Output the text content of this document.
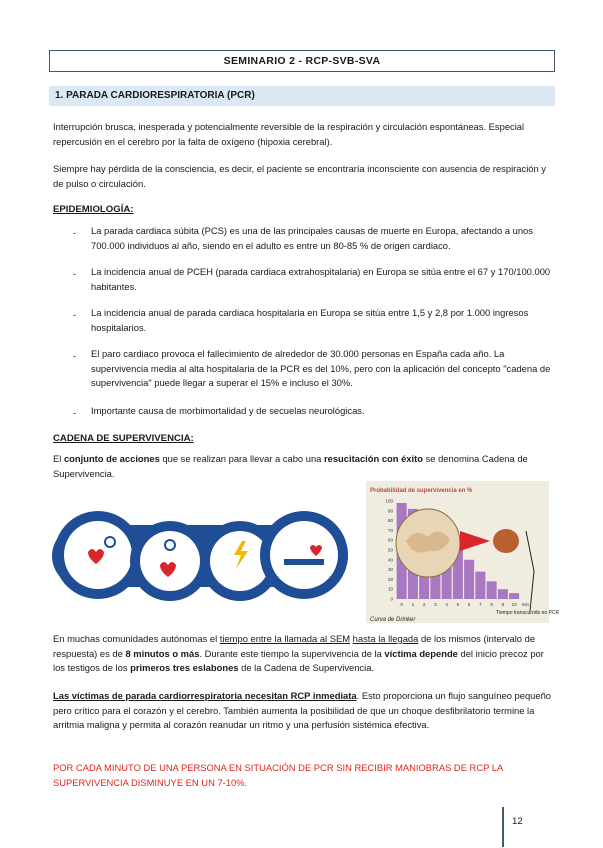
SEMINARIO 2 - RCP-SVB-SVA
1. PARADA CARDIORESPIRATORIA (PCR)
Interrupción brusca, inesperada y potencialmente reversible de la respiración y circulación espontáneas. Especial repercusión en el cerebro por la falta de oxígeno (hipoxia cerebral).
Siempre hay pérdida de la consciencia, es decir, el paciente se encontraría inconsciente con ausencia de respiración y de pulso o circulación.
EPIDEMIOLOGÍA:
- La parada cardiaca súbita (PCS) es una de las principales causas de muerte en Europa, afectando a unos 700.000 individuos al año, siendo en el adulto es entre un 80-85 % de origen cardiaco.
- La incidencia anual de PCEH (parada cardiaca extrahospitalaria) en Europa se sitúa entre el 67 y 170/100.000 habitantes.
- La incidencia anual de parada cardiaca hospitalaria en Europa se sitúa entre 1,5 y 2,8 por 1.000 ingresos hospitalarios.
- El paro cardiaco provoca el fallecimiento de alrededor de 30.000 personas en España cada año. La supervivencia media al alta hospitalaria de la PCR es del 10%, pero con la aplicación del concepto "cadena de supervivencia" puede llegar a superar el 15% e incluso el 30%.
- Importante causa de morbimortalidad y de secuelas neurológicas.
CADENA DE SUPERVIVENCIA:
El conjunto de acciones que se realizan para llevar a cabo una resucitación con éxito se denomina Cadena de Supervivencia.
Probabilidad de supervivencia en %
100
90
80
70
60
50
40
30
20
10
0
0 1 2 3 4 5 6 7 8 9 10 min
Tiempo transcurrido en PCR
Curva de Drinker
En muchas comunidades autónomas el tiempo entre la llamada al SEM hasta la llegada de los mismos (intervalo de respuesta) es de 8 minutos o más. Durante este tiempo la supervivencia de la víctima depende del inicio precoz por los testigos de los primeros tres eslabones de la Cadena de Supervivencia.
Las víctimas de parada cardiorrespiratoria necesitan RCP inmediata. Esto proporciona un flujo sanguíneo pequeño pero crítico para el corazón y el cerebro. También aumenta la posibilidad de que un choque desfibrilatorio termine la arritmia maligna y permita al corazón reanudar un ritmo y una perfusión sistémica efectiva.
POR CADA MINUTO DE UNA PERSONA EN SITUACIÓN DE PCR SIN RECIBIR MANIOBRAS DE RCP LA SUPERVIVENCIA DISMINUYE EN UN 7-10%.
12
